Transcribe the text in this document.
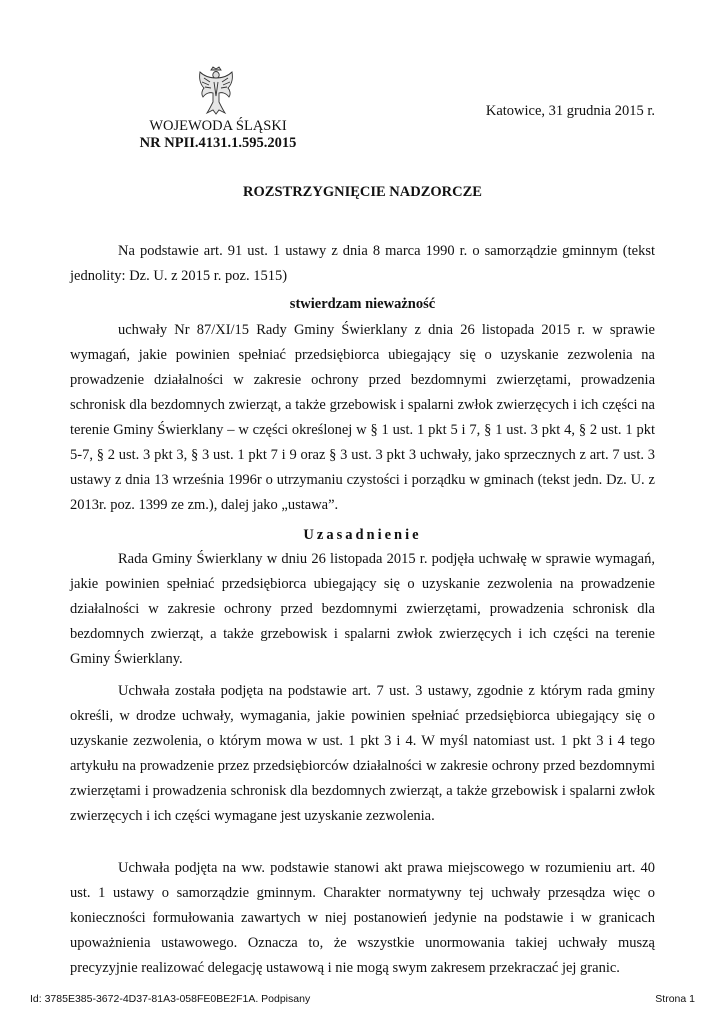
WOJEWODA ŚLĄSKI
NR NPII.4131.1.595.2015
Katowice, 31 grudnia 2015 r.
ROZSTRZYGNIĘCIE NADZORCZE

Na podstawie art. 91 ust. 1 ustawy z dnia 8 marca 1990 r. o samorządzie gminnym (tekst jednolity: Dz. U. z 2015 r. poz. 1515)

stwierdzam nieważność

uchwały Nr 87/XI/15 Rady Gminy Świerklany z dnia 26 listopada 2015 r. w sprawie wymagań, jakie powinien spełniać przedsiębiorca ubiegający się o uzyskanie zezwolenia na prowadzenie działalności w zakresie ochrony przed bezdomnymi zwierzętami, prowadzenia schronisk dla bezdomnych zwierząt, a także grzebowisk i spalarni zwłok zwierzęcych i ich części na terenie Gminy Świerklany – w części określonej w § 1 ust. 1 pkt 5 i 7, § 1 ust. 3 pkt 4, § 2 ust. 1 pkt 5-7, § 2 ust. 3 pkt 3, § 3 ust. 1 pkt 7 i 9 oraz § 3 ust. 3 pkt 3 uchwały, jako sprzecznych z art. 7 ust. 3 ustawy z dnia 13 września 1996r o utrzymaniu czystości i porządku w gminach (tekst jedn. Dz. U. z 2013r. poz. 1399 ze zm.), dalej jako „ustawa”.

Uzasadnienie

Rada Gminy Świerklany w dniu 26 listopada 2015 r. podjęła uchwałę w sprawie wymagań, jakie powinien spełniać przedsiębiorca ubiegający się o uzyskanie zezwolenia na prowadzenie działalności w zakresie ochrony przed bezdomnymi zwierzętami, prowadzenia schronisk dla bezdomnych zwierząt, a także grzebowisk i spalarni zwłok zwierzęcych i ich części na terenie Gminy Świerklany.

Uchwała została podjęta na podstawie art. 7 ust. 3 ustawy, zgodnie z którym rada gminy określi, w drodze uchwały, wymagania, jakie powinien spełniać przedsiębiorca ubiegający się o uzyskanie zezwolenia, o którym mowa w ust. 1 pkt 3 i 4. W myśl natomiast ust. 1 pkt 3 i 4 tego artykułu na prowadzenie przez przedsiębiorców działalności w zakresie ochrony przed bezdomnymi zwierzętami i prowadzenia schronisk dla bezdomnych zwierząt, a także grzebowisk i spalarni zwłok zwierzęcych i ich części wymagane jest uzyskanie zezwolenia.

Uchwała podjęta na ww. podstawie stanowi akt prawa miejscowego w rozumieniu art. 40 ust. 1 ustawy o samorządzie gminnym. Charakter normatywny tej uchwały przesądza więc o konieczności formułowania zawartych w niej postanowień jedynie na podstawie i w granicach upoważnienia ustawowego. Oznacza to, że wszystkie unormowania takiej uchwały muszą precyzyjnie realizować delegację ustawową i nie mogą swym zakresem przekraczać jej granic.

Id: 3785E385-3672-4D37-81A3-058FE0BE2F1A. Podpisany	Strona 1
